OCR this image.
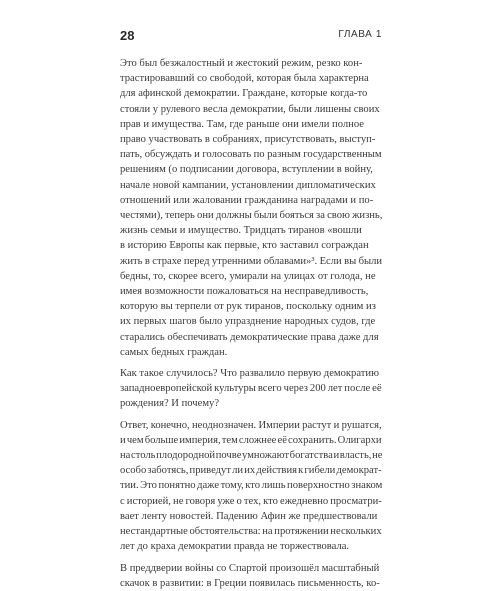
28	ГЛАВА 1
Это был безжалостный и жестокий режим, резко кон-
трастировавший со свободой, которая была характерна
для афинской демократии. Граждане, которые когда-то
стояли у рулевого весла демократии, были лишены своих
прав и имущества. Там, где раньше они имели полное
право участвовать в собраниях, присутствовать, выступ-
пать, обсуждать и голосовать по разным государственным
решениям (о подписании договора, вступлении в войну,
начале новой кампании, установлении дипломатических
отношений или жаловании гражданина наградами и по-
честями), теперь они должны были бояться за свою жизнь,
жизнь семьи и имущество. Тридцать тиранов «вошли
в историю Европы как первые, кто заставил сограждан
жить в страхе перед утренними облавами»³. Если вы были
бедны, то, скорее всего, умирали на улицах от голода, не
имея возможности пожаловаться на несправедливость,
которую вы терпели от рук тиранов, поскольку одним из
их первых шагов было упразднение народных судов, где
старались обеспечивать демократические права даже для
самых бедных граждан.
Как такое случилось? Что развалило первую демократию
западноевропейской культуры всего через 200 лет после её
рождения? И почему?
Ответ, конечно, неоднозначен. Империи растут и рушатся,
и чем больше империя, тем сложнее её сохранить. Олигархи
на столь плодородной почве умножают богатства и власть, не
особо заботясь, приведут ли их действия к гибели демократ-
тии. Это понятно даже тому, кто лишь поверхностно знаком
с историей, не говоря уже о тех, кто ежедневно просматри-
вает ленту новостей. Падению Афин же предшествовали
нестандартные обстоятельства: на протяжении нескольких
лет до краха демократии правда не торжествовала.
В преддверии войны со Спартой произошёл масштабный
скачок в развитии: в Греции появилась письменность, ко-
